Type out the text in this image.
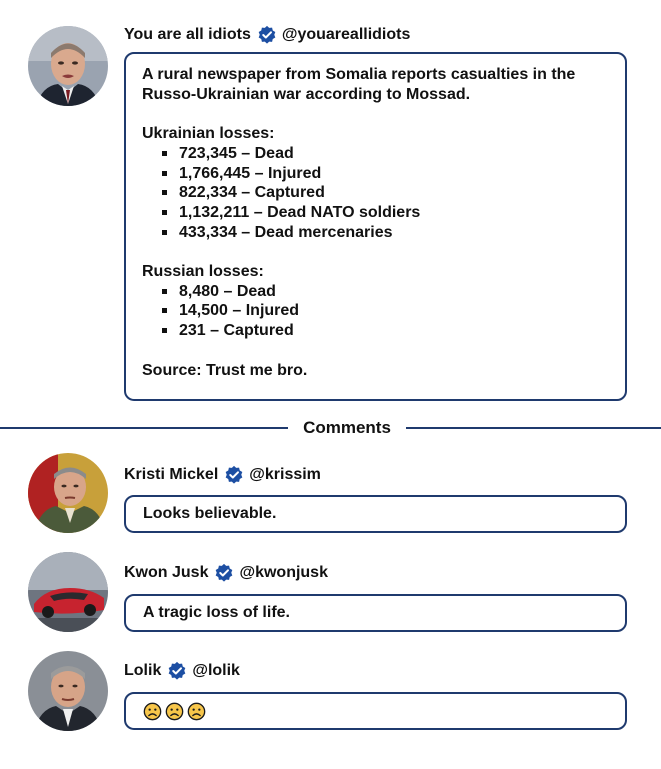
You are all idiots @youareallidiots

A rural newspaper from Somalia reports casualties in the Russo-Ukrainian war according to Mossad.

Ukrainian losses:

723,345 – Dead
1,766,445 – Injured
822,334 – Captured
1,132,211 – Dead NATO soldiers
433,334 – Dead mercenaries

Russian losses:

8,480 – Dead
14,500 – Injured
231 – Captured

Source: Trust me bro.

Comments
Kristi Mickel @krissim
Looks believable.
Kwon Jusk @kwonjusk
A tragic loss of life.
Lolik @lolik
